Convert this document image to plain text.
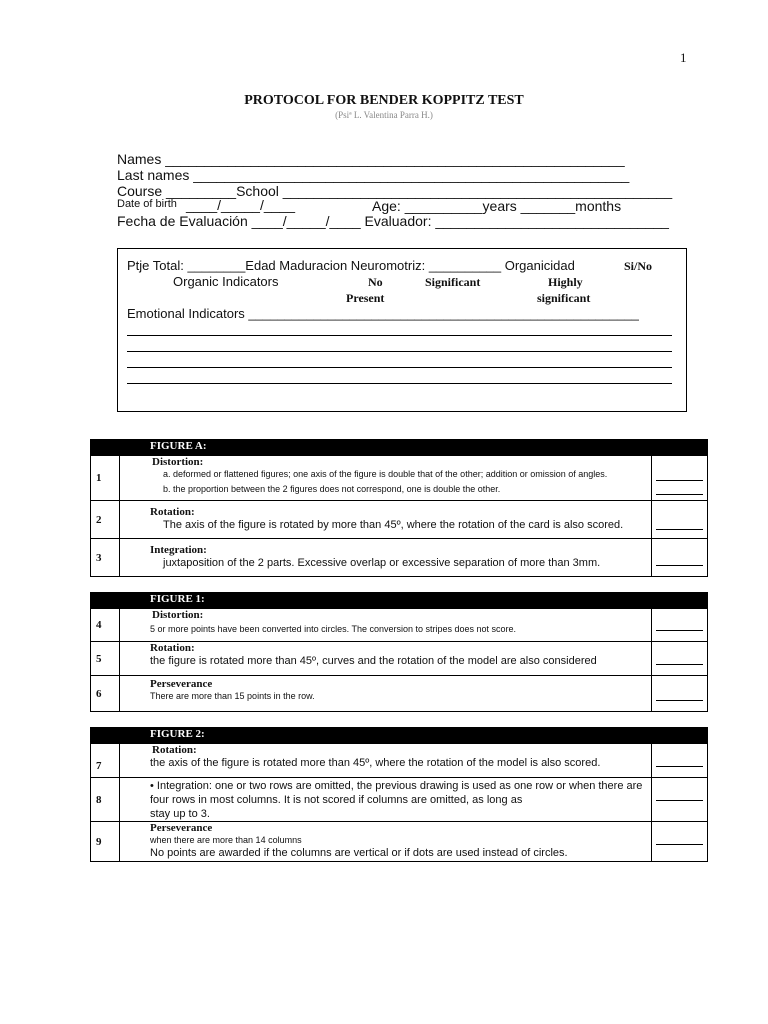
1
PROTOCOL FOR BENDER KOPPITZ TEST
(Psiª L. Valentina Parra H.)
Names ___________________________________________________________
Last names ________________________________________________________
Course _________School __________________________________________________
Date of birth ____/_____/____	Age: __________years _______months
Fecha de Evaluación ____/_____/____ Evaluador: ______________________________
Ptje Total: ________Edad Maduracion Neuromotriz: __________ Organicidad	Si/No
Organic Indicators	No
Present
Significant	Highly
significant
Emotional Indicators ______________________________________________________
	FIGURE A:	

1	Distortion:
a. deformed or flattened figures; one axis of the figure is double that of the other; addition or omission of angles.
b. the proportion between the 2 figures does not correspond, one is double the other.	

2	Rotation:
The axis of the figure is rotated by more than 45º, where the rotation of the card is also scored.	

3	Integration:
juxtaposition of the 2 parts. Excessive overlap or excessive separation of more than 3mm.	

	FIGURE 1:	

4	Distortion:
5 or more points have been converted into circles. The conversion to stripes does not score.	

5	Rotation:
the figure is rotated more than 45º, curves and the rotation of the model are also considered	

6	Perseverance
There are more than 15 points in the row.	

	FIGURE 2:	

7	Rotation:
the axis of the figure is rotated more than 45º, where the rotation of the model is also scored.	

8	• Integration: one or two rows are omitted, the previous drawing is used as one row or when there are
four rows in most columns. It is not scored if columns are omitted, as long as
stay up to 3.	

9	Perseverance
when there are more than 14 columns
No points are awarded if the columns are vertical or if dots are used instead of circles.	
